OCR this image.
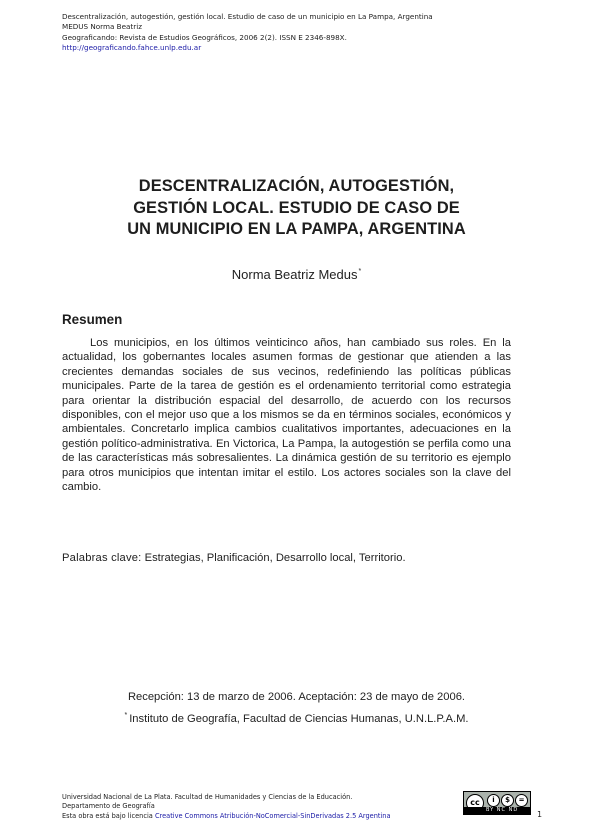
Descentralización, autogestión, gestión local. Estudio de caso de un municipio en La Pampa, Argentina
MEDUS Norma Beatriz
Geograficando: Revista de Estudios Geográficos, 2006 2(2). ISSN E 2346-898X.
http://geograficando.fahce.unlp.edu.ar
DESCENTRALIZACIÓN, AUTOGESTIÓN,
GESTIÓN LOCAL. ESTUDIO DE CASO DE
UN MUNICIPIO EN LA PAMPA, ARGENTINA
Norma Beatriz Medus*
Resumen

Los municipios, en los últimos veinticinco años, han cambiado sus roles. En la actualidad, los gobernantes locales asumen formas de gestionar que atienden a las crecientes demandas sociales de sus vecinos, redefiniendo las políticas públicas municipales. Parte de la tarea de gestión es el ordenamiento territorial como estrategia para orientar la distribución espacial del desarrollo, de acuerdo con los recursos disponibles, con el mejor uso que a los mismos se da en términos sociales, económicos y ambientales. Concretarlo implica cambios cualitativos importantes, adecuaciones en la gestión político-administrativa. En Victorica, La Pampa, la autogestión se perfila como una de las características más sobresalientes. La dinámica gestión de su territorio es ejemplo para otros municipios que intentan imitar el estilo. Los actores sociales son la clave del cambio.

Palabras clave: Estrategias, Planificación, Desarrollo local, Territorio.
Recepción: 13 de marzo de 2006. Aceptación: 23 de mayo de 2006.
* Instituto de Geografía, Facultad de Ciencias Humanas, U.N.L.P.A.M.
Universidad Nacional de La Plata. Facultad de Humanidades y Ciencias de la Educación.
Departamento de Geografía
Esta obra está bajo licencia Creative Commons Atribución-NoComercial-SinDerivadas 2.5 Argentina
cc	i	$	=
BY NC ND 1
